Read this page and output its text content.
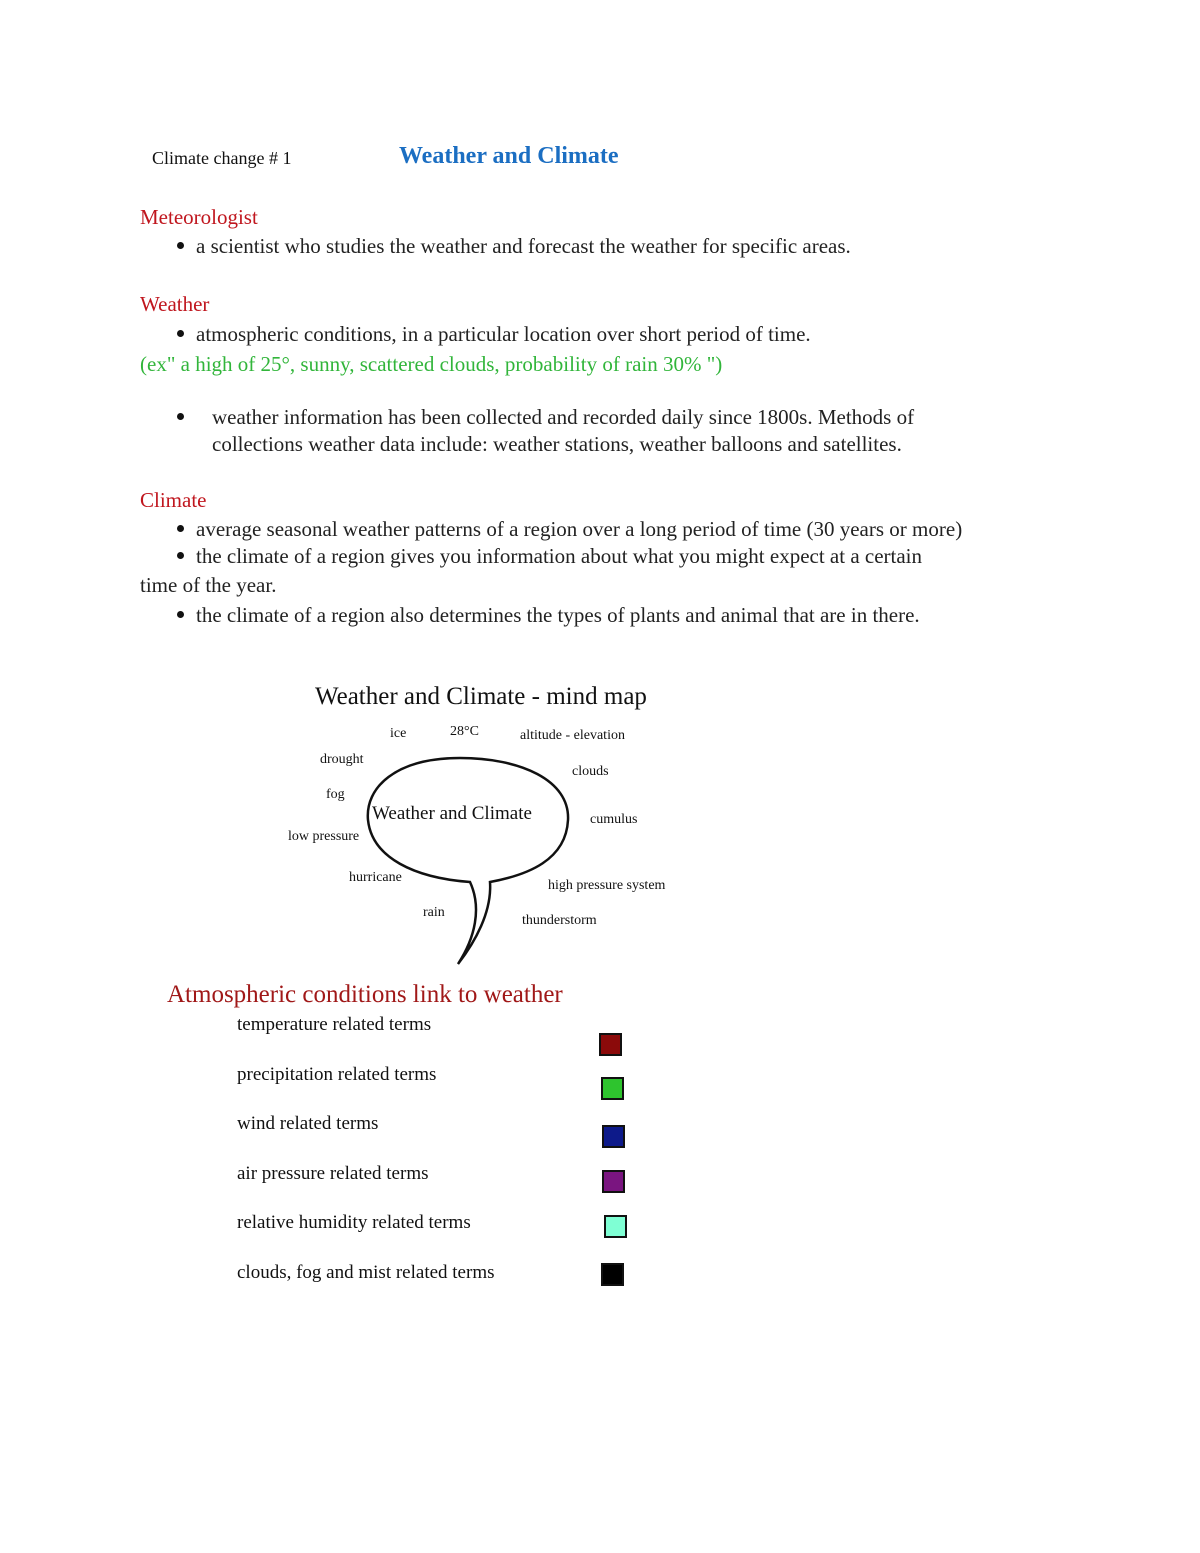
Climate change # 1	Weather and Climate
Meteorologist
a scientist who studies the weather and forecast the weather for specific areas.
Weather
atmospheric conditions, in a particular location over short period of time.
(ex" a high of 25°, sunny, scattered clouds, probability of rain 30% ")
weather information has been collected and recorded daily since 1800s. Methods of
collections weather data include: weather stations, weather balloons and satellites.
Climate
average seasonal weather patterns of a region over a long period of time (30 years or more)
the climate of a region gives you information about what you might expect at a certain
time of the year.
the climate of a region also determines the types of plants and animal that are in there.
Weather and Climate - mind map
Weather and Climate
ice	28°C	altitude - elevation
drought
clouds
fog
cumulus
low pressure
hurricane
high pressure system
rain
thunderstorm
Atmospheric conditions link to weather
temperature related terms
precipitation related terms
wind related terms
air pressure related terms
relative humidity related terms
clouds, fog and mist related terms
